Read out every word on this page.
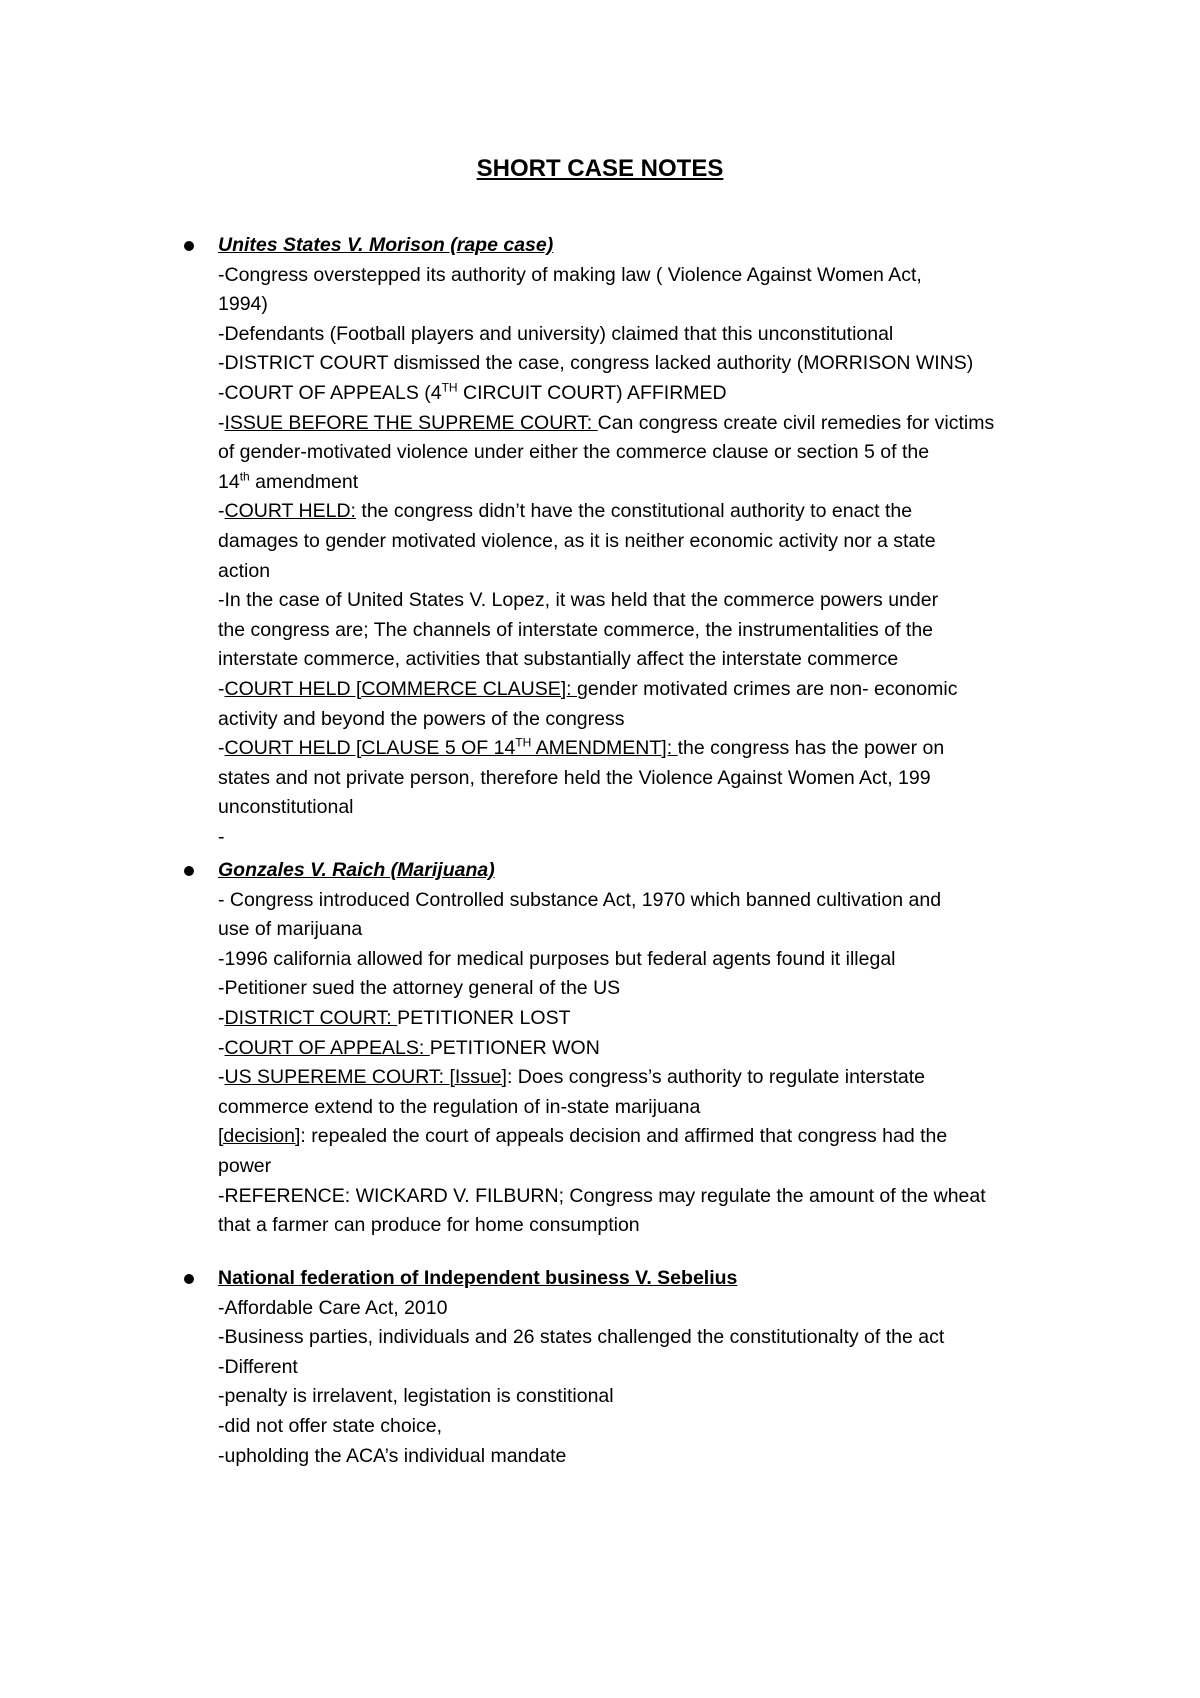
SHORT CASE NOTES
Unites States V. Morison (rape case)
-Congress overstepped its authority of making law ( Violence Against Women Act,
1994)
-Defendants (Football players and university) claimed that this unconstitutional
-DISTRICT COURT dismissed the case, congress lacked authority (MORRISON WINS)
-COURT OF APPEALS (4TH CIRCUIT COURT) AFFIRMED
-ISSUE BEFORE THE SUPREME COURT: Can congress create civil remedies for victims
of gender-motivated violence under either the commerce clause or section 5 of the
14th amendment
-COURT HELD: the congress didn’t have the constitutional authority to enact the
damages to gender motivated violence, as it is neither economic activity nor a state
action
-In the case of United States V. Lopez, it was held that the commerce powers under
the congress are; The channels of interstate commerce, the instrumentalities of the
interstate commerce, activities that substantially affect the interstate commerce
-COURT HELD [COMMERCE CLAUSE]: gender motivated crimes are non- economic
activity and beyond the powers of the congress
-COURT HELD [CLAUSE 5 OF 14TH AMENDMENT]: the congress has the power on
states and not private person, therefore held the Violence Against Women Act, 199
unconstitutional
-
Gonzales V. Raich (Marijuana)
- Congress introduced Controlled substance Act, 1970 which banned cultivation and
use of marijuana
-1996 california allowed for medical purposes but federal agents found it illegal
-Petitioner sued the attorney general of the US
-DISTRICT COURT: PETITIONER LOST
-COURT OF APPEALS: PETITIONER WON
-US SUPEREME COURT: [Issue]: Does congress’s authority to regulate interstate
commerce extend to the regulation of in-state marijuana
[decision]: repealed the court of appeals decision and affirmed that congress had the
power
-REFERENCE: WICKARD V. FILBURN; Congress may regulate the amount of the wheat
that a farmer can produce for home consumption
National federation of Independent business V. Sebelius
-Affordable Care Act, 2010
-Business parties, individuals and 26 states challenged the constitutionalty of the act
-Different
-penalty is irrelavent, legistation is constitional
-did not offer state choice,
-upholding the ACA’s individual mandate
